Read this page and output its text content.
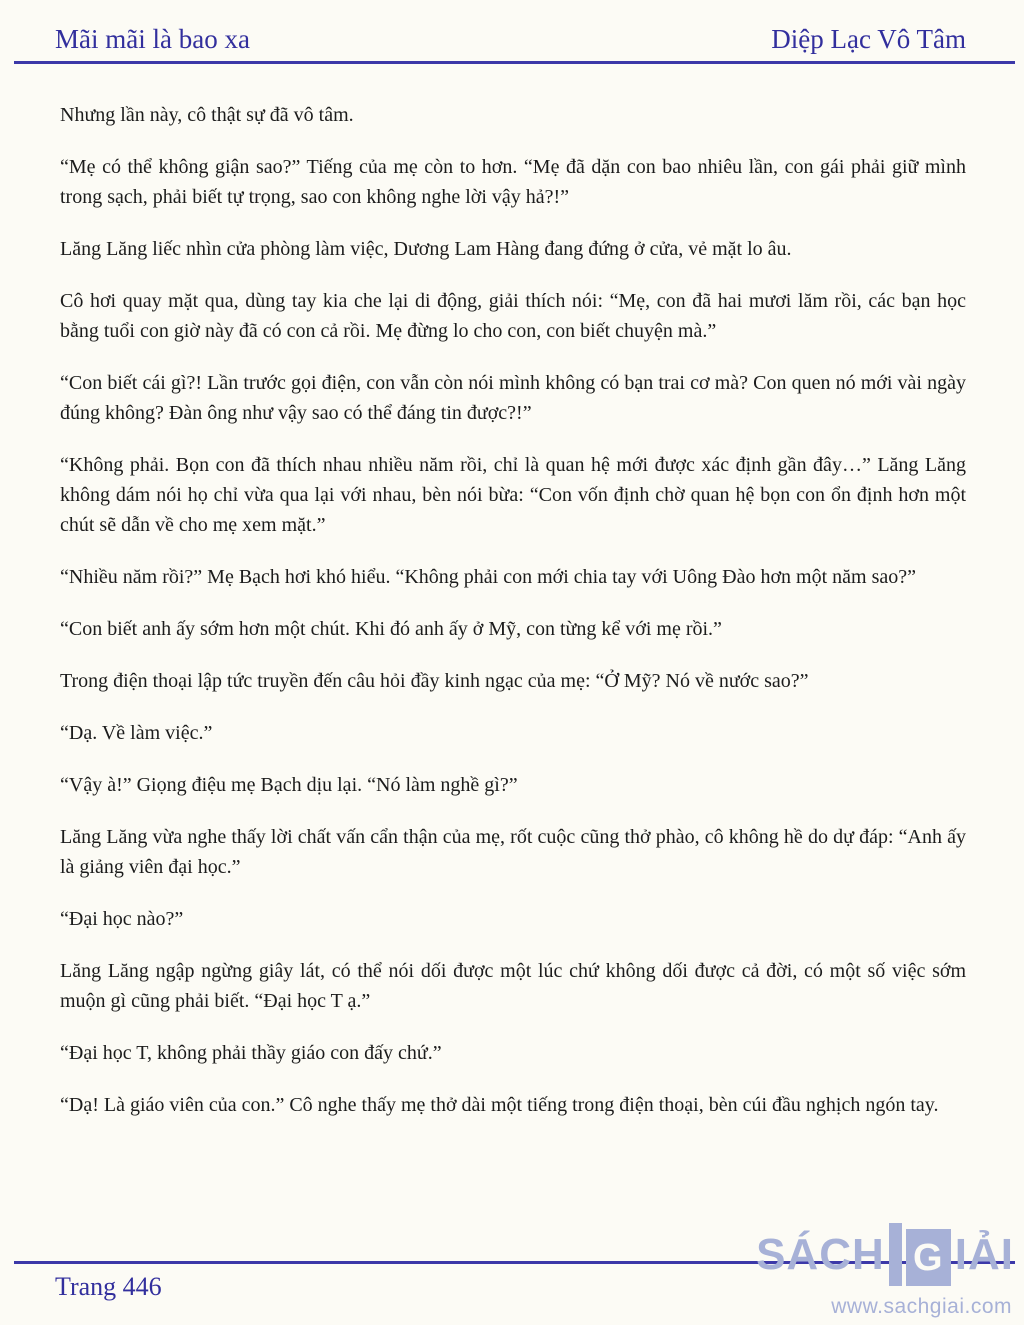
Mãi mãi là bao xa	Diệp Lạc Vô Tâm

Nhưng lần này, cô thật sự đã vô tâm.

“Mẹ có thể không giận sao?” Tiếng của mẹ còn to hơn. “Mẹ đã dặn con bao nhiêu lần, con gái phải giữ mình trong sạch, phải biết tự trọng, sao con không nghe lời vậy hả?!”

Lăng Lăng liếc nhìn cửa phòng làm việc, Dương Lam Hàng đang đứng ở cửa, vẻ mặt lo âu.

Cô hơi quay mặt qua, dùng tay kia che lại di động, giải thích nói: “Mẹ, con đã hai mươi lăm rồi, các bạn học bằng tuổi con giờ này đã có con cả rồi. Mẹ đừng lo cho con, con biết chuyện mà.”

“Con biết cái gì?! Lần trước gọi điện, con vẫn còn nói mình không có bạn trai cơ mà? Con quen nó mới vài ngày đúng không? Đàn ông như vậy sao có thể đáng tin được?!”

“Không phải. Bọn con đã thích nhau nhiều năm rồi, chỉ là quan hệ mới được xác định gần đây…” Lăng Lăng không dám nói họ chỉ vừa qua lại với nhau, bèn nói bừa: “Con vốn định chờ quan hệ bọn con ổn định hơn một chút sẽ dẫn về cho mẹ xem mặt.”

“Nhiều năm rồi?” Mẹ Bạch hơi khó hiểu. “Không phải con mới chia tay với Uông Đào hơn một năm sao?”

“Con biết anh ấy sớm hơn một chút. Khi đó anh ấy ở Mỹ, con từng kể với mẹ rồi.”

Trong điện thoại lập tức truyền đến câu hỏi đầy kinh ngạc của mẹ: “Ở Mỹ? Nó về nước sao?”

“Dạ. Về làm việc.”

“Vậy à!” Giọng điệu mẹ Bạch dịu lại. “Nó làm nghề gì?”

Lăng Lăng vừa nghe thấy lời chất vấn cẩn thận của mẹ, rốt cuộc cũng thở phào, cô không hề do dự đáp: “Anh ấy là giảng viên đại học.”

“Đại học nào?”

Lăng Lăng ngập ngừng giây lát, có thể nói dối được một lúc chứ không dối được cả đời, có một số việc sớm muộn gì cũng phải biết. “Đại học T ạ.”

“Đại học T, không phải thầy giáo con đấy chứ.”

“Dạ! Là giáo viên của con.” Cô nghe thấy mẹ thở dài một tiếng trong điện thoại, bèn cúi đầu nghịch ngón tay.

SÁCH G IẢI
www.sachgiai.com
Trang 446
